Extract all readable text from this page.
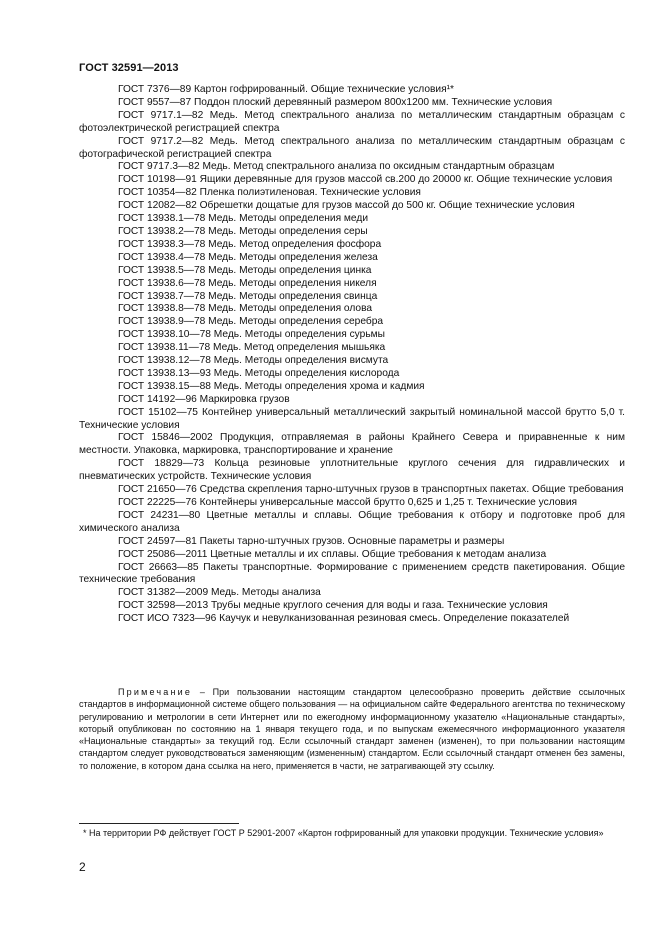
ГОСТ 32591—2013

ГОСТ 7376—89 Картон гофрированный. Общие технические условия¹*

ГОСТ 9557—87 Поддон плоский деревянный размером 800х1200 мм. Технические условия

ГОСТ 9717.1—82 Медь. Метод спектрального анализа по металлическим стандартным образцам с фотоэлектрической регистрацией спектра

ГОСТ 9717.2—82 Медь. Метод спектрального анализа по металлическим стандартным образцам с фотографической регистрацией спектра

ГОСТ 9717.3—82 Медь. Метод спектрального анализа по оксидным стандартным образцам

ГОСТ 10198—91 Ящики деревянные для грузов массой св.200 до 20000 кг. Общие технические условия

ГОСТ 10354—82 Пленка полиэтиленовая. Технические условия

ГОСТ 12082—82 Обрешетки дощатые для грузов массой до 500 кг. Общие технические условия

ГОСТ 13938.1—78 Медь. Методы определения меди

ГОСТ 13938.2—78 Медь. Методы определения серы

ГОСТ 13938.3—78 Медь. Метод определения фосфора

ГОСТ 13938.4—78 Медь. Методы определения железа

ГОСТ 13938.5—78 Медь. Методы определения цинка

ГОСТ 13938.6—78 Медь. Методы определения никеля

ГОСТ 13938.7—78 Медь. Методы определения свинца

ГОСТ 13938.8—78 Медь. Методы определения олова

ГОСТ 13938.9—78 Медь. Методы определения серебра

ГОСТ 13938.10—78 Медь. Методы определения сурьмы

ГОСТ 13938.11—78 Медь. Метод определения мышьяка

ГОСТ 13938.12—78 Медь. Методы определения висмута

ГОСТ 13938.13—93 Медь. Методы определения кислорода

ГОСТ 13938.15—88 Медь. Методы определения хрома и кадмия

ГОСТ 14192—96 Маркировка грузов

ГОСТ 15102—75 Контейнер универсальный металлический закрытый номинальной массой брутто 5,0 т. Технические условия

ГОСТ 15846—2002 Продукция, отправляемая в районы Крайнего Севера и приравненные к ним местности. Упаковка, маркировка, транспортирование и хранение

ГОСТ 18829—73 Кольца резиновые уплотнительные круглого сечения для гидравлических и пневматических устройств. Технические условия

ГОСТ 21650—76 Средства скрепления тарно-штучных грузов в транспортных пакетах. Общие требования

ГОСТ 22225—76 Контейнеры универсальные массой брутто 0,625 и 1,25 т. Технические условия

ГОСТ 24231—80 Цветные металлы и сплавы. Общие требования к отбору и подготовке проб для химического анализа

ГОСТ 24597—81 Пакеты тарно-штучных грузов. Основные параметры и размеры

ГОСТ 25086—2011 Цветные металлы и их сплавы. Общие требования к методам анализа

ГОСТ 26663—85 Пакеты транспортные. Формирование с применением средств пакетирования. Общие технические требования

ГОСТ 31382—2009 Медь. Методы анализа

ГОСТ 32598—2013 Трубы медные круглого сечения для воды и газа. Технические условия

ГОСТ ИСО 7323—96 Каучук и невулканизованная резиновая смесь. Определение показателей

Примечание – При пользовании настоящим стандартом целесообразно проверить действие ссылочных стандартов в информационной системе общего пользования — на официальном сайте Федерального агентства по техническому регулированию и метрологии в сети Интернет или по ежегодному информационному указателю «Национальные стандарты», который опубликован по состоянию на 1 января текущего года, и по выпускам ежемесячного информационного указателя «Национальные стандарты» за текущий год. Если ссылочный стандарт заменен (изменен), то при пользовании настоящим стандартом следует руководствоваться заменяющим (измененным) стандартом. Если ссылочный стандарт отменен без замены, то положение, в котором дана ссылка на него, применяется в части, не затрагивающей эту ссылку.

* На территории РФ действует ГОСТ Р 52901-2007 «Картон гофрированный для упаковки продукции. Технические условия»

2
